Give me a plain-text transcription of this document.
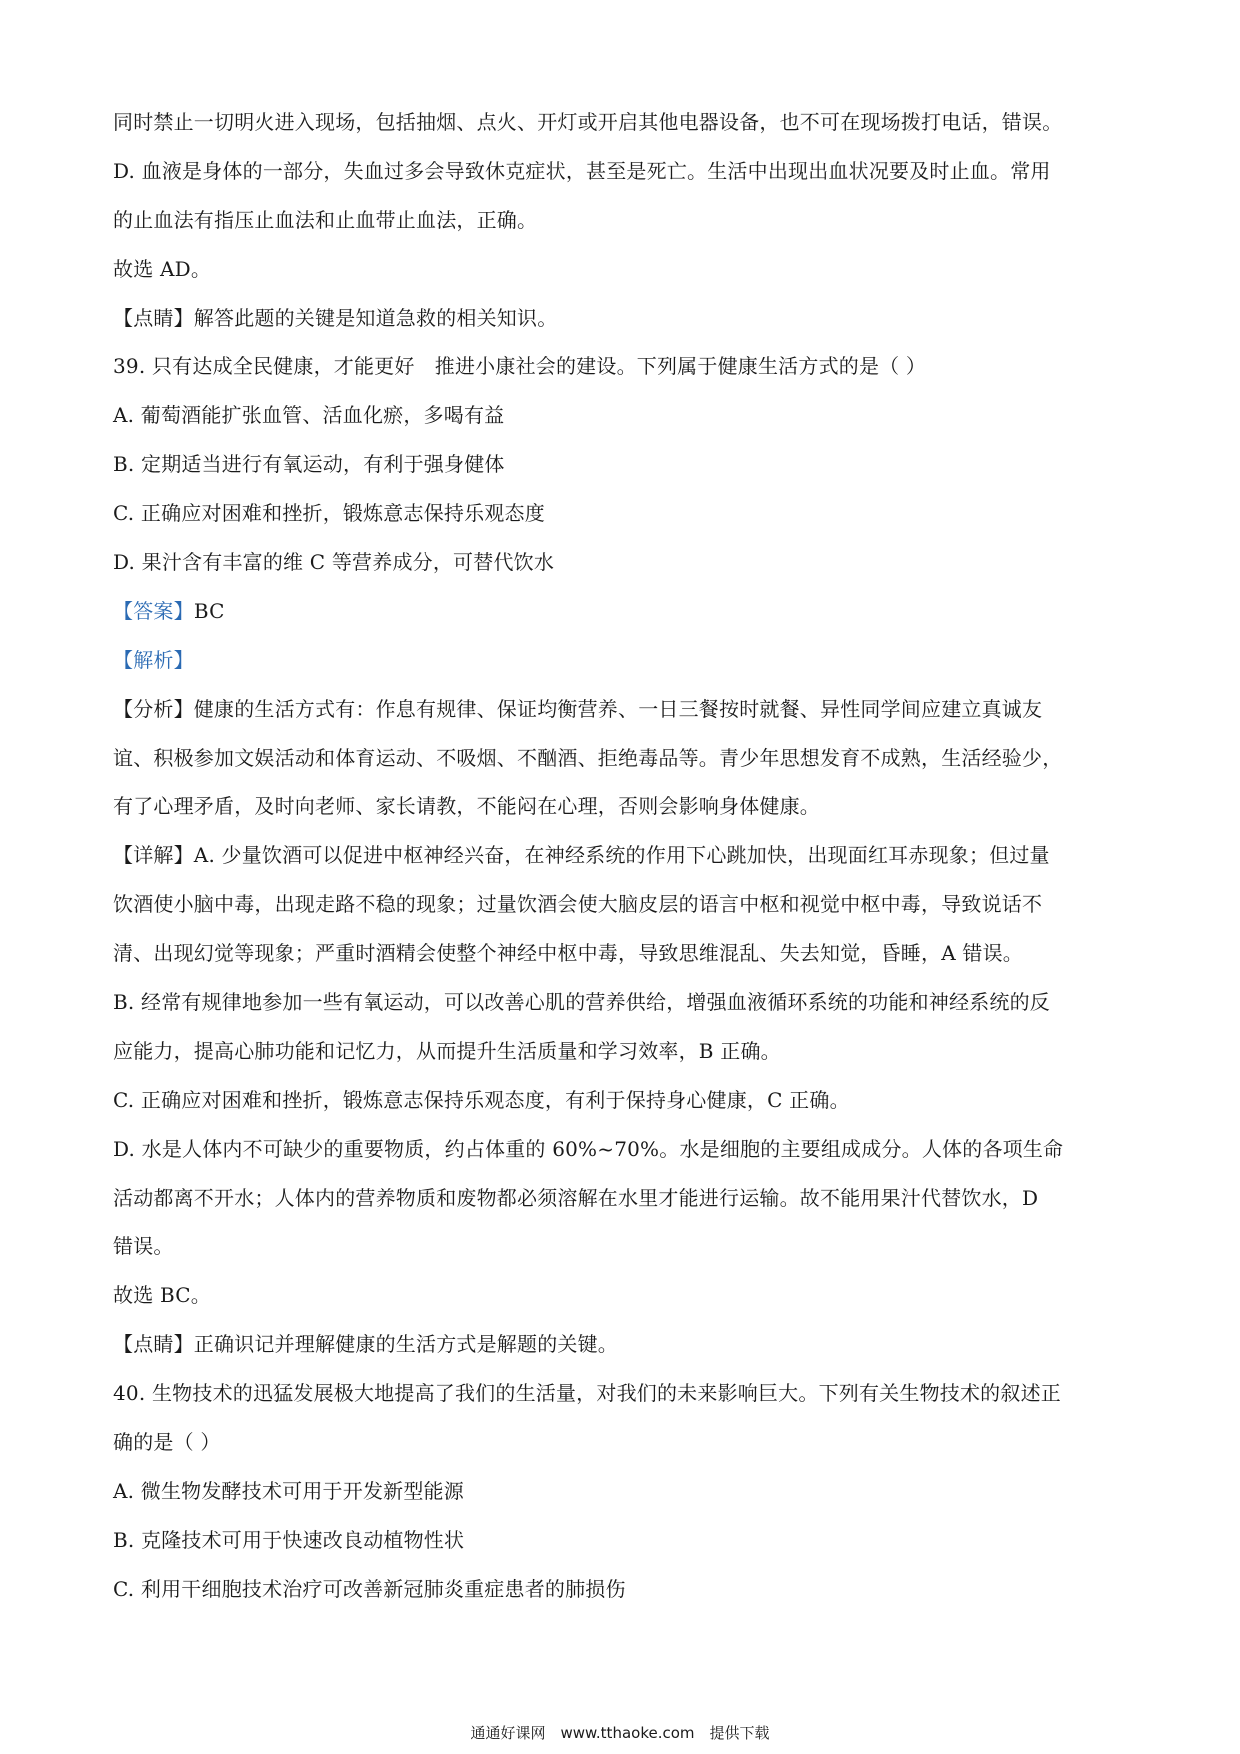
同时禁止一切明火进入现场，包括抽烟、点火、开灯或开启其他电器设备，也不可在现场拨打电话，错误。
D. 血液是身体的一部分，失血过多会导致休克症状，甚至是死亡。生活中出现出血状况要及时止血。常用
的止血法有指压止血法和止血带止血法，正确。
故选 AD。
【点睛】解答此题的关键是知道急救的相关知识。
39. 只有达成全民健康，才能更好　推进小康社会的建设。下列属于健康生活方式的是（ ）
A. 葡萄酒能扩张血管、活血化瘀，多喝有益
B. 定期适当进行有氧运动，有利于强身健体
C. 正确应对困难和挫折，锻炼意志保持乐观态度
D. 果汁含有丰富的维 C 等营养成分，可替代饮水
【答案】BC
【解析】
【分析】健康的生活方式有：作息有规律、保证均衡营养、一日三餐按时就餐、异性同学间应建立真诚友
谊、积极参加文娱活动和体育运动、不吸烟、不酗酒、拒绝毒品等。青少年思想发育不成熟，生活经验少，
有了心理矛盾，及时向老师、家长请教，不能闷在心理，否则会影响身体健康。
【详解】A. 少量饮酒可以促进中枢神经兴奋，在神经系统的作用下心跳加快，出现面红耳赤现象；但过量
饮酒使小脑中毒，出现走路不稳的现象；过量饮酒会使大脑皮层的语言中枢和视觉中枢中毒，导致说话不
清、出现幻觉等现象；严重时酒精会使整个神经中枢中毒，导致思维混乱、失去知觉，昏睡，A 错误。
B. 经常有规律地参加一些有氧运动，可以改善心肌的营养供给，增强血液循环系统的功能和神经系统的反
应能力，提高心肺功能和记忆力，从而提升生活质量和学习效率，B 正确。
C. 正确应对困难和挫折，锻炼意志保持乐观态度，有利于保持身心健康，C 正确。
D. 水是人体内不可缺少的重要物质，约占体重的 60%~70%。水是细胞的主要组成成分。人体的各项生命
活动都离不开水；人体内的营养物质和废物都必须溶解在水里才能进行运输。故不能用果汁代替饮水，D
错误。
故选 BC。
【点睛】正确识记并理解健康的生活方式是解题的关键。
40. 生物技术的迅猛发展极大地提高了我们的生活量，对我们的未来影响巨大。下列有关生物技术的叙述正
确的是（ ）
A. 微生物发酵技术可用于开发新型能源
B. 克隆技术可用于快速改良动植物性状
C. 利用干细胞技术治疗可改善新冠肺炎重症患者的肺损伤
通通好课网　www.tthaoke.com　提供下载
